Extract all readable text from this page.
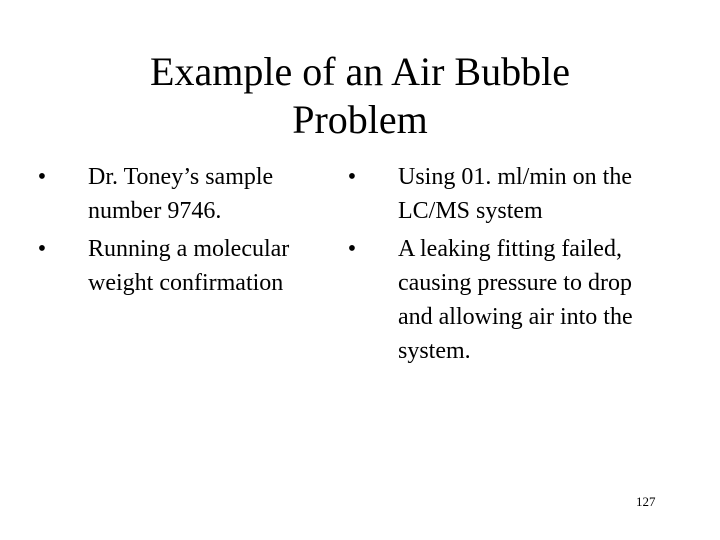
Example of an Air Bubble
Problem
• Dr. Toney’s sample number 9746.
• Running a molecular weight confirmation
• Using 01. ml/min on the LC/MS system
• A leaking fitting failed, causing pressure to drop and allowing air into the system.
127
